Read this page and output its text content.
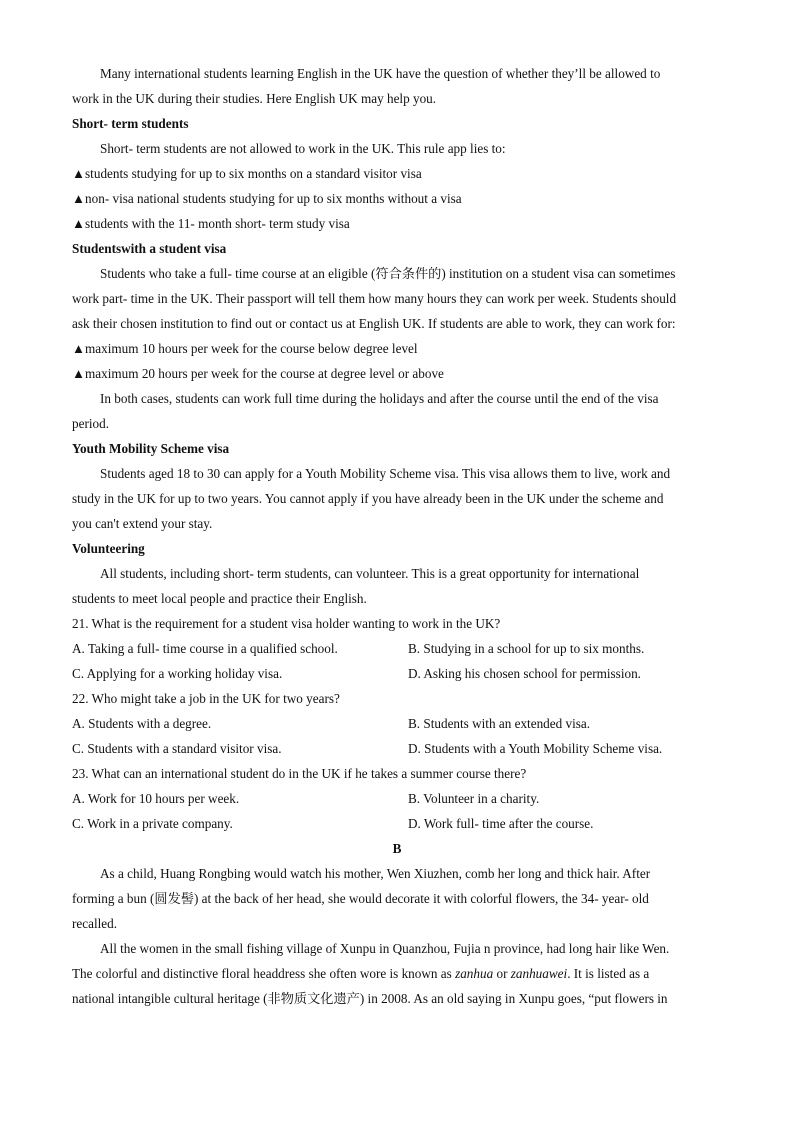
Many international students learning English in the UK have the question of whether they’ll be allowed to
work in the UK during their studies. Here English UK may help you.
Short- term students
Short- term students are not allowed to work in the UK. This rule app lies to:
▲students studying for up to six months on a standard visitor visa
▲non- visa national students studying for up to six months without a visa
▲students with the 11- month short- term study visa
Studentswith a student visa
Students who take a full- time course at an eligible (符合条件的) institution on a student visa can sometimes
work part- time in the UK. Their passport will tell them how many hours they can work per week. Students should
ask their chosen institution to find out or contact us at English UK. If students are able to work, they can work for:
▲maximum 10 hours per week for the course below degree level
▲maximum 20 hours per week for the course at degree level or above
In both cases, students can work full time during the holidays and after the course until the end of the visa
period.
Youth Mobility Scheme visa
Students aged 18 to 30 can apply for a Youth Mobility Scheme visa. This visa allows them to live, work and
study in the UK for up to two years. You cannot apply if you have already been in the UK under the scheme and
you can't extend your stay.
Volunteering
All students, including short- term students, can volunteer. This is a great opportunity for international
students to meet local people and practice their English.
21. What is the requirement for a student visa holder wanting to work in the UK?
A. Taking a full- time course in a qualified school.	B. Studying in a school for up to six months.
C. Applying for a working holiday visa.	D. Asking his chosen school for permission.
22. Who might take a job in the UK for two years?
A. Students with a degree.	B. Students with an extended visa.
C. Students with a standard visitor visa.	D. Students with a Youth Mobility Scheme visa.
23. What can an international student do in the UK if he takes a summer course there?
A. Work for 10 hours per week.	B. Volunteer in a charity.
C. Work in a private company.	D. Work full- time after the course.
B
As a child, Huang Rongbing would watch his mother, Wen Xiuzhen, comb her long and thick hair. After
forming a bun (圆发髻) at the back of her head, she would decorate it with colorful flowers, the 34- year- old
recalled.
All the women in the small fishing village of Xunpu in Quanzhou, Fujia n province, had long hair like Wen.
The colorful and distinctive floral headdress she often wore is known as zanhua or zanhuawei. It is listed as a
national intangible cultural heritage (非物质文化遗产) in 2008. As an old saying in Xunpu goes, “put flowers in
